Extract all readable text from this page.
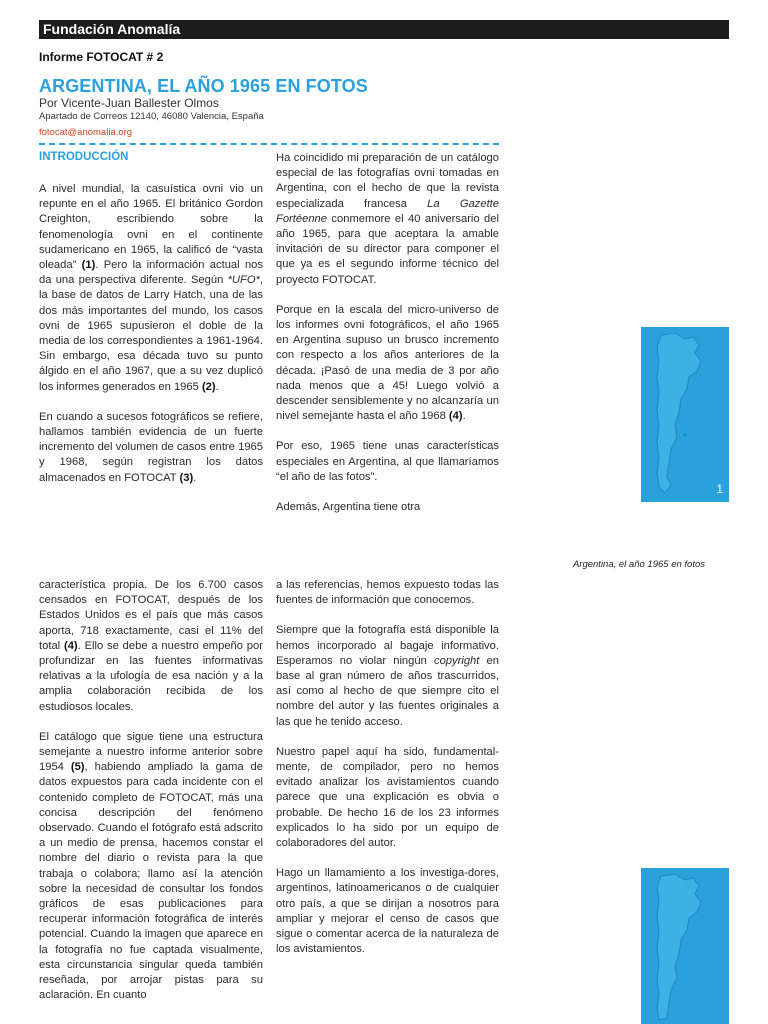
Fundación Anomalía
Informe FOTOCAT # 2
ARGENTINA, EL AÑO 1965 EN FOTOS
Por Vicente-Juan Ballester Olmos
Apartado de Correos 12140, 46080 Valencia, España
fotocat@anomalia.org
INTRODUCCIÓN

A nivel mundial, la casuística ovni vio un repunte en el año 1965. El británico Gordon Creighton, escribiendo sobre la fenomenología ovni en el continente sudamericano en 1965, la calificó de “vasta oleada” (1). Pero la información actual nos da una perspectiva diferente. Según *UFO*, la base de datos de Larry Hatch, una de las dos más importantes del mundo, los casos ovni de 1965 supusieron el doble de la media de los correspondientes a 1961-1964. Sin embargo, esa década tuvo su punto álgido en el año 1967, que a su vez duplicó los informes generados en 1965 (2).

En cuando a sucesos fotográficos se refiere, hallamos también evidencia de un fuerte incremento del volumen de casos entre 1965 y 1968, según registran los datos almacenados en FOTOCAT (3).

Ha coincidido mi preparación de un catálogo especial de las fotografías ovni tomadas en Argentina, con el hecho de que la revista especializada francesa La Gazette Fortéenne conmemore el 40 aniversario del año 1965, para que aceptara la amable invitación de su director para componer el que ya es el segundo informe técnico del proyecto FOTOCAT.

Porque en la escala del micro-universo de los informes ovni fotográficos, el año 1965 en Argentina supuso un brusco incremento con respecto a los años anteriores de la década. ¡Pasó de una media de 3 por año nada menos que a 45! Luego volvió a descender sensiblemente y no alcanzaría un nivel semejante hasta el año 1968 (4).

Por eso, 1965 tiene unas características especiales en Argentina, al que llamaríamos “el año de las fotos”.

Además, Argentina tiene otra

1
Argentina, el año 1965 en fotos

característica propia. De los 6.700 casos censados en FOTOCAT, después de los Estados Unidos es el país que más casos aporta, 718 exactamente, casi el 11% del total (4). Ello se debe a nuestro empeño por profundizar en las fuentes informativas relativas a la ufología de esa nación y a la amplia colaboración recibida de los estudiosos locales.

El catálogo que sigue tiene una estructura semejante a nuestro informe anterior sobre 1954 (5), habiendo ampliado la gama de datos expuestos para cada incidente con el contenido completo de FOTOCAT, más una concisa descripción del fenómeno observado. Cuando el fotógrafo está adscrito a un medio de prensa, hacemos constar el nombre del diario o revista para la que trabaja o colabora; llamo así la atención sobre la necesidad de consultar los fondos gráficos de esas publicaciones para recuperar información fotográfica de interés potencial. Cuando la imagen que aparece en la fotografía no fue captada visualmente, esta circunstancia singular queda también reseñada, por arrojar pistas para su aclaración. En cuanto

a las referencias, hemos expuesto todas las fuentes de información que conocemos.

Siempre que la fotografía está disponible la hemos incorporado al bagaje informativo. Esperamos no violar ningún copyright en base al gran número de años trascurridos, así como al hecho de que siempre cito el nombre del autor y las fuentes originales a las que he tenido acceso.

Nuestro papel aquí ha sido, fundamental-mente, de compilador, pero no hemos evitado analizar los avistamientos cuando parece que una explicación es obvia o probable. De hecho 16 de los 23 informes explicados lo ha sido por un equipo de colaboradores del autor.

Hago un llamamiento a los investiga-dores, argentinos, latinoamericanos o de cualquier otro país, a que se dirijan a nosotros para ampliar y mejorar el censo de casos que sigue o comentar acerca de la naturaleza de los avistamientos.
